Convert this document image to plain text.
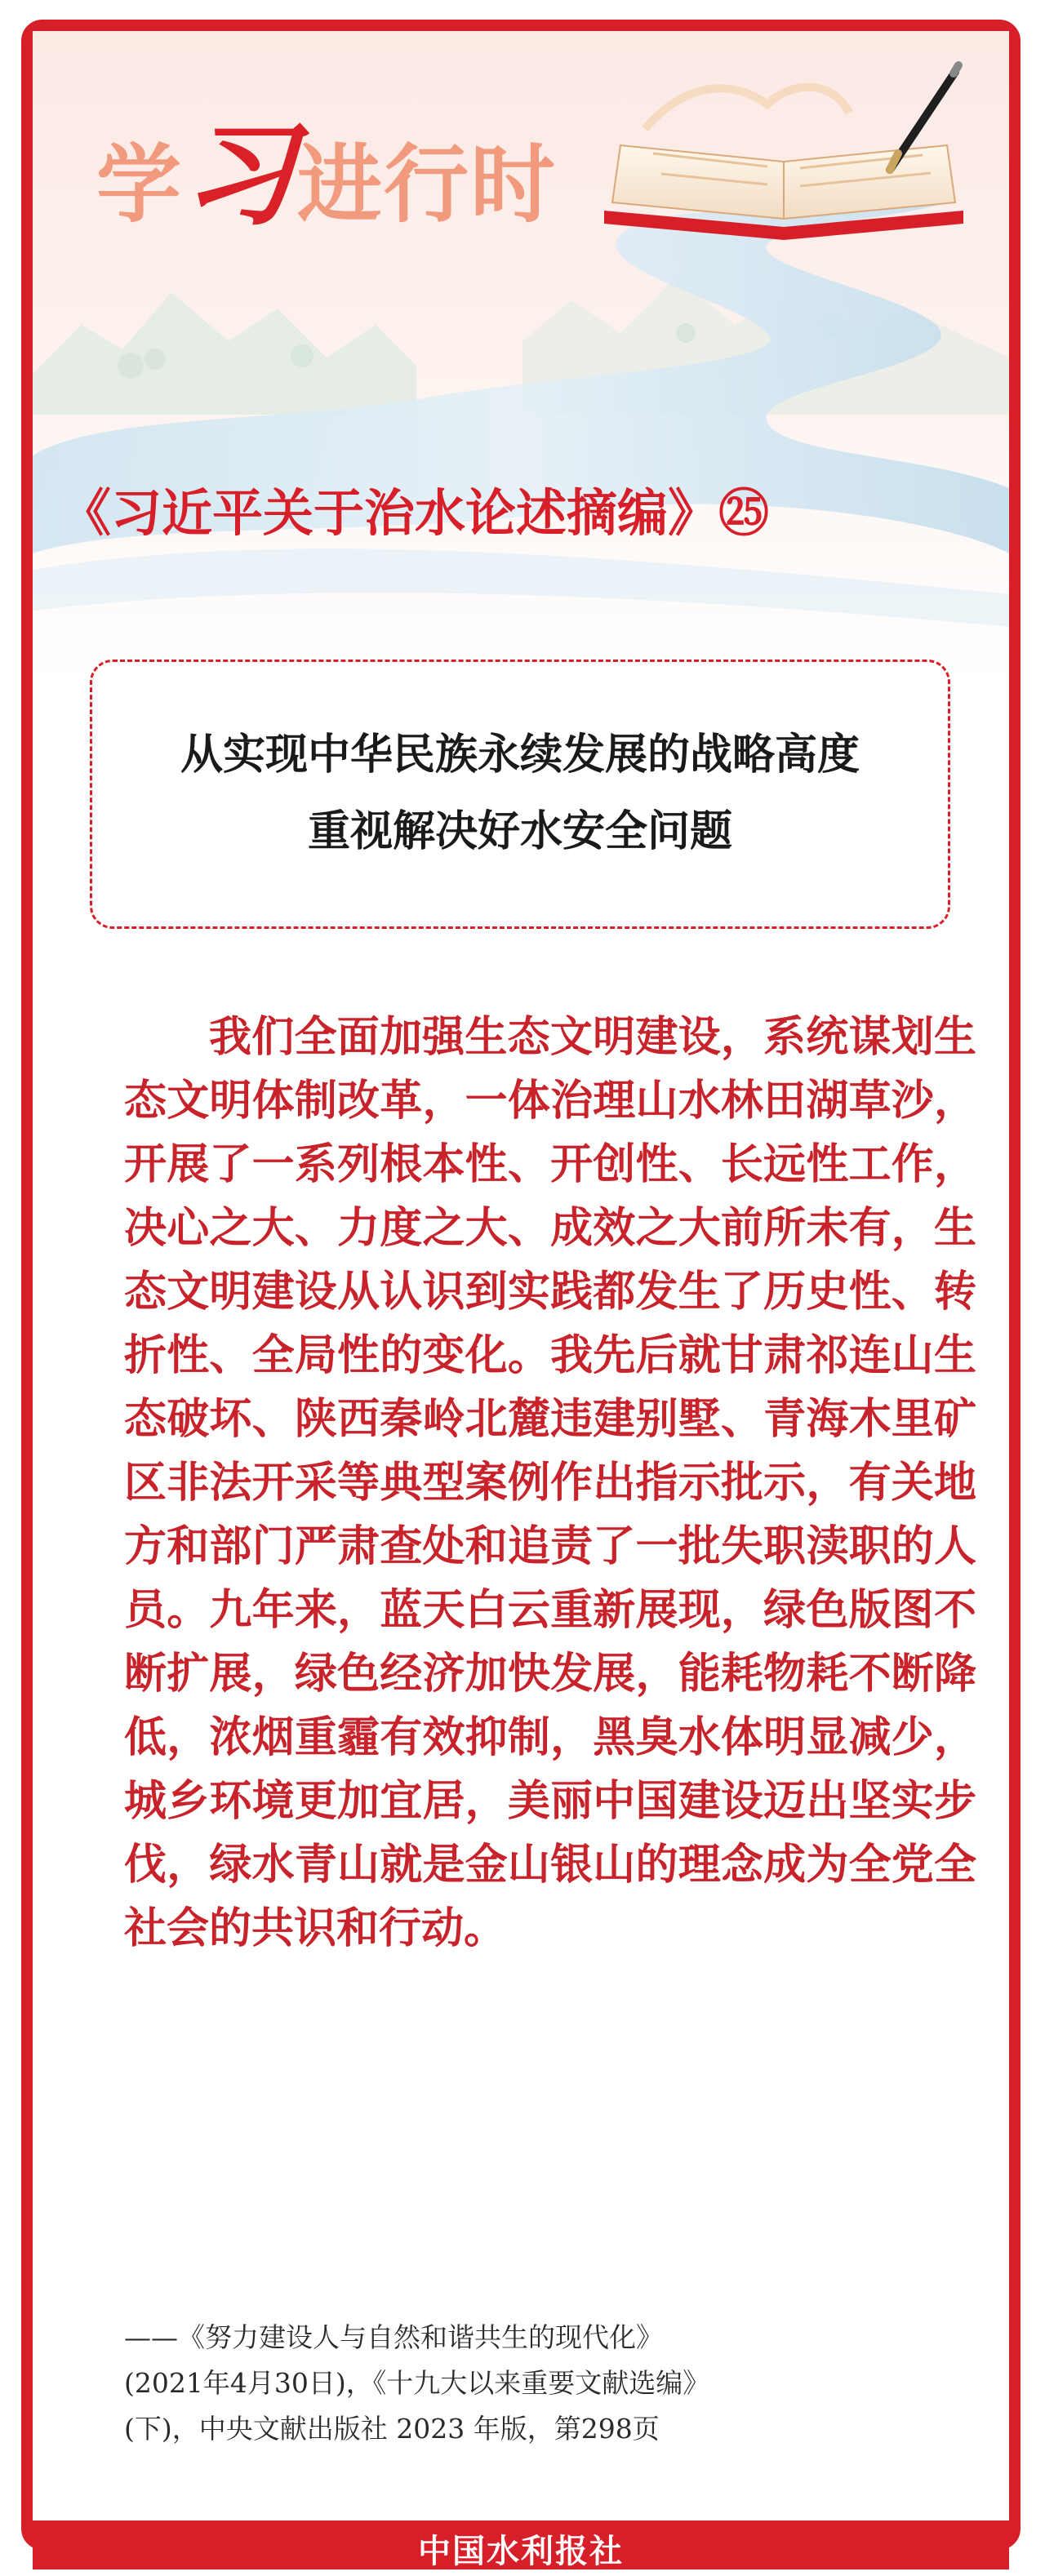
学习进行时
《习近平关于治水论述摘编》㉕

从实现中华民族永续发展的战略高度

重视解决好水安全问题

我们全面加强生态文明建设，系统谋划生态文明体制改革，一体治理山水林田湖草沙，开展了一系列根本性、开创性、长远性工作，决心之大、力度之大、成效之大前所未有，生态文明建设从认识到实践都发生了历史性、转折性、全局性的变化。我先后就甘肃祁连山生态破坏、陕西秦岭北麓违建别墅、青海木里矿区非法开采等典型案例作出指示批示，有关地方和部门严肃查处和追责了一批失职渎职的人员。九年来，蓝天白云重新展现，绿色版图不断扩展，绿色经济加快发展，能耗物耗不断降低，浓烟重霾有效抑制，黑臭水体明显减少，城乡环境更加宜居，美丽中国建设迈出坚实步伐，绿水青山就是金山银山的理念成为全党全社会的共识和行动。

——《努力建设人与自然和谐共生的现代化》
(2021年4月30日)，《十九大以来重要文献选编》
(下)，中央文献出版社 2023 年版，第298页

中国水利报社
